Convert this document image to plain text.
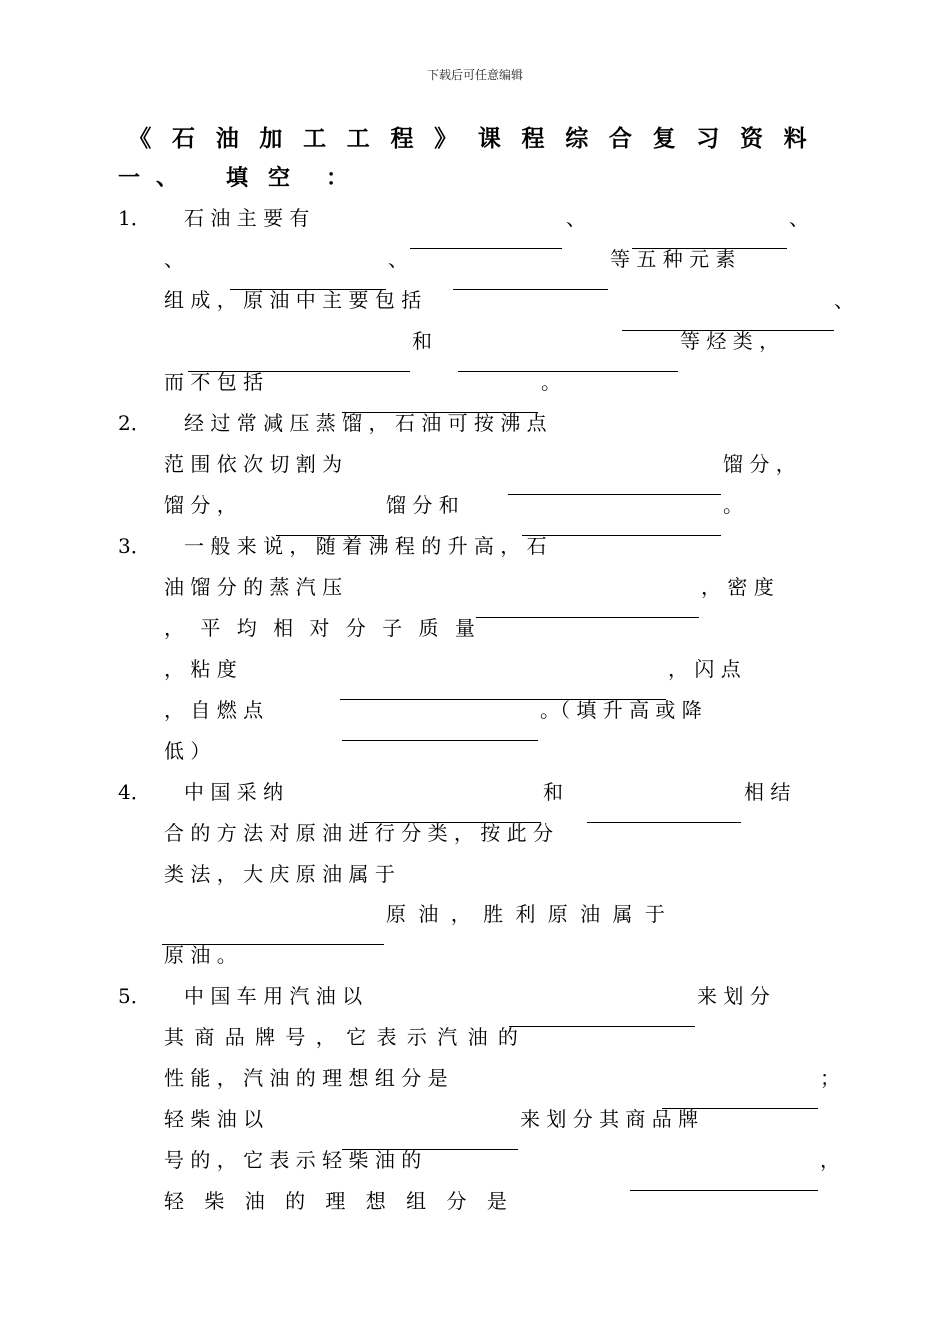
下载后可任意编辑
《 石 油 加 工 工 程 》 课 程 综 合 复 习 资 料
一 、 填 空 ：
1． 石 油 主 要 有	、	、
、	、	等 五 种 元 素
组 成 ， 原 油 中 主 要 包 括	、
和	等 烃 类 ，
而 不 包 括	。
2． 经 过 常 减 压 蒸 馏 ， 石 油 可 按 沸 点
范 围 依 次 切 割 为	馏 分 ，
馏 分 ，	馏 分 和	。
3． 一 般 来 说 ， 随 着 沸 程 的 升 高 ， 石
油 馏 分 的 蒸 汽 压	， 密 度
， 平 均 相 对 分 子 质 量
， 粘 度	， 闪 点
， 自 燃 点	。（ 填 升 高 或 降
低 ）
4． 中 国 采 纳	和	相 结
合 的 方 法 对 原 油 进 行 分 类 ， 按 此 分
类 法 ， 大 庆 原 油 属 于
原 油 ， 胜 利 原 油 属 于
原 油 。
5． 中 国 车 用 汽 油 以	来 划 分
其 商 品 牌 号 ， 它 表 示 汽 油 的
性 能 ， 汽 油 的 理 想 组 分 是	；
轻 柴 油 以	来 划 分 其 商 品 牌
号 的 ， 它 表 示 轻 柴 油 的	，
轻 柴 油 的 理 想 组 分 是
